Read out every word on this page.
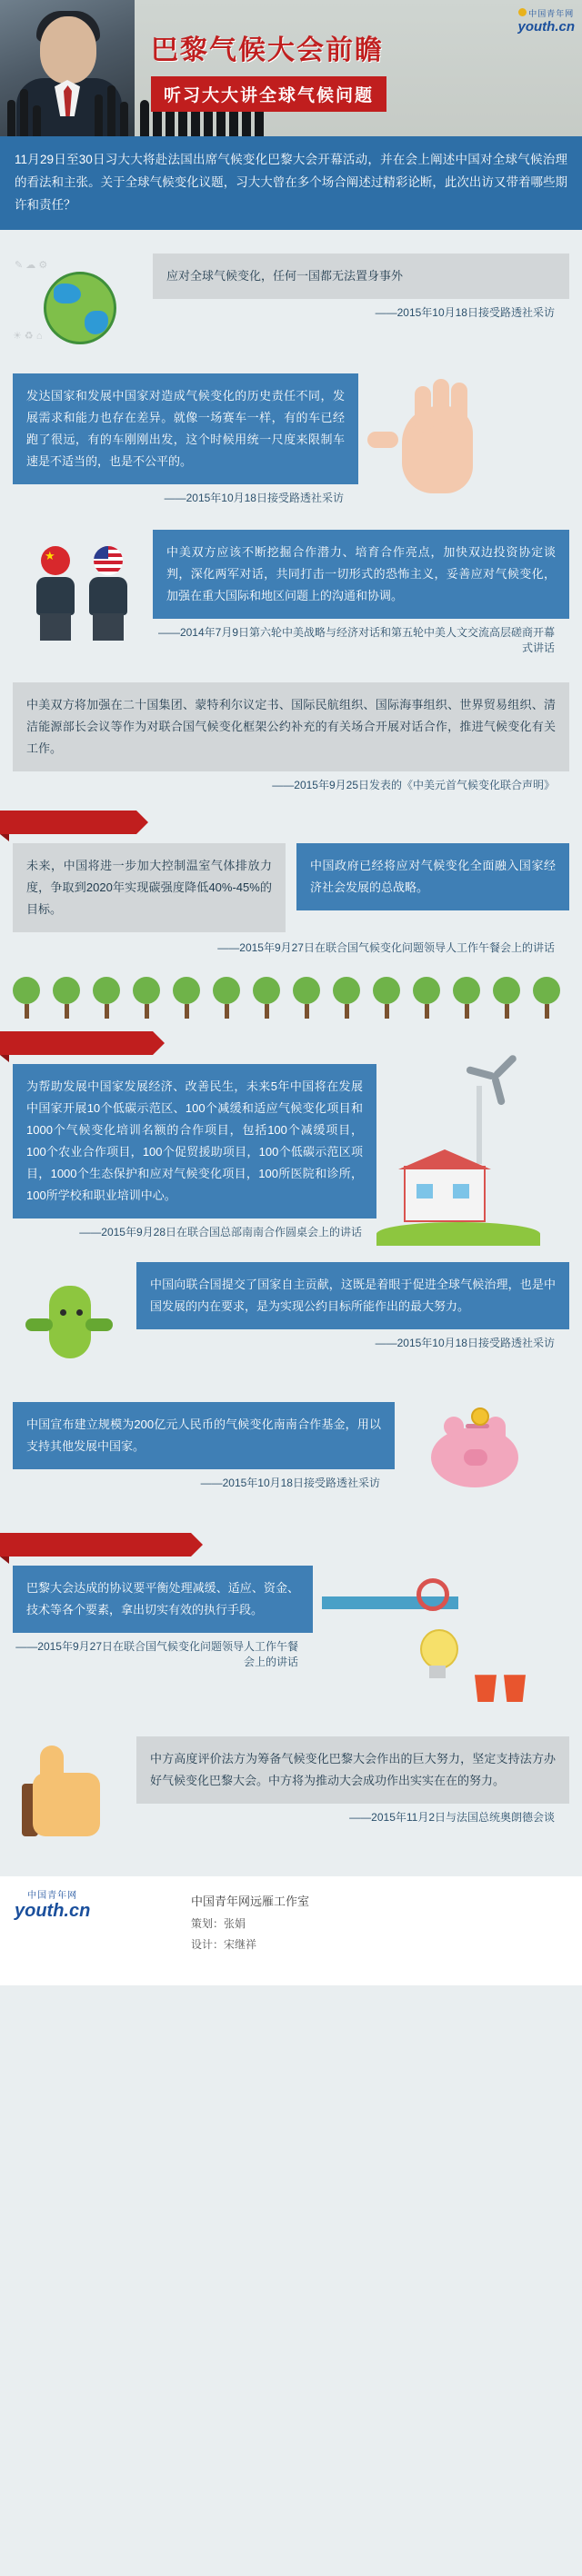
巴黎气候大会前瞻
听习大大讲全球气候问题
中国青年网
youth.cn
11月29日至30日习大大将赴法国出席气候变化巴黎大会开幕活动，并在会上阐述中国对全球气候治理的看法和主张。关于全球气候变化议题，习大大曾在多个场合阐述过精彩论断，此次出访又带着哪些期许和责任？
✎ ☁ ⚙
☀ ♻ ⌂
应对全球气候变化，任何一国都无法置身事外
——2015年10月18日接受路透社采访
发达国家和发展中国家对造成气候变化的历史责任不同，发展需求和能力也存在差异。就像一场赛车一样，有的车已经跑了很远，有的车刚刚出发，这个时候用统一尺度来限制车速是不适当的，也是不公平的。
——2015年10月18日接受路透社采访
★	中美双方应该不断挖掘合作潜力、培育合作亮点，加快双边投资协定谈判，深化两军对话，共同打击一切形式的恐怖主义，妥善应对气候变化，加强在重大国际和地区问题上的沟通和协调。
——2014年7月9日第六轮中美战略与经济对话和第五轮中美人文交流高层磋商开幕式讲话
中美双方将加强在二十国集团、蒙特利尔议定书、国际民航组织、国际海事组织、世界贸易组织、清洁能源部长会议等作为对联合国气候变化框架公约补充的有关场合开展对话合作，推进气候变化有关工作。
——2015年9月25日发表的《中美元首气候变化联合声明》
未来，中国将进一步加大控制温室气体排放力度，争取到2020年实现碳强度降低40%-45%的目标。
中国政府已经将应对气候变化全面融入国家经济社会发展的总战略。
——2015年9月27日在联合国气候变化问题领导人工作午餐会上的讲话
为帮助发展中国家发展经济、改善民生，未来5年中国将在发展中国家开展10个低碳示范区、100个减缓和适应气候变化项目和1000个气候变化培训名额的合作项目，包括100个减缓项目，100个农业合作项目，100个促贸援助项目，100个低碳示范区项目，1000个生态保护和应对气候变化项目，100所医院和诊所，100所学校和职业培训中心。
——2015年9月28日在联合国总部南南合作圆桌会上的讲话
中国向联合国提交了国家自主贡献，这既是着眼于促进全球气候治理，也是中国发展的内在要求，是为实现公约目标所能作出的最大努力。
——2015年10月18日接受路透社采访
中国宣布建立规模为200亿元人民币的气候变化南南合作基金，用以支持其他发展中国家。
——2015年10月18日接受路透社采访
巴黎大会达成的协议要平衡处理减缓、适应、资金、技术等各个要素，拿出切实有效的执行手段。
——2015年9月27日在联合国气候变化问题领导人工作午餐会上的讲话
中方高度评价法方为筹备气候变化巴黎大会作出的巨大努力，坚定支持法方办好气候变化巴黎大会。中方将为推动大会成功作出实实在在的努力。
——2015年11月2日与法国总统奥朗德会谈
中国青年网
youth.cn	中国青年网远雁工作室
策划：张娟
设计：宋继祥
